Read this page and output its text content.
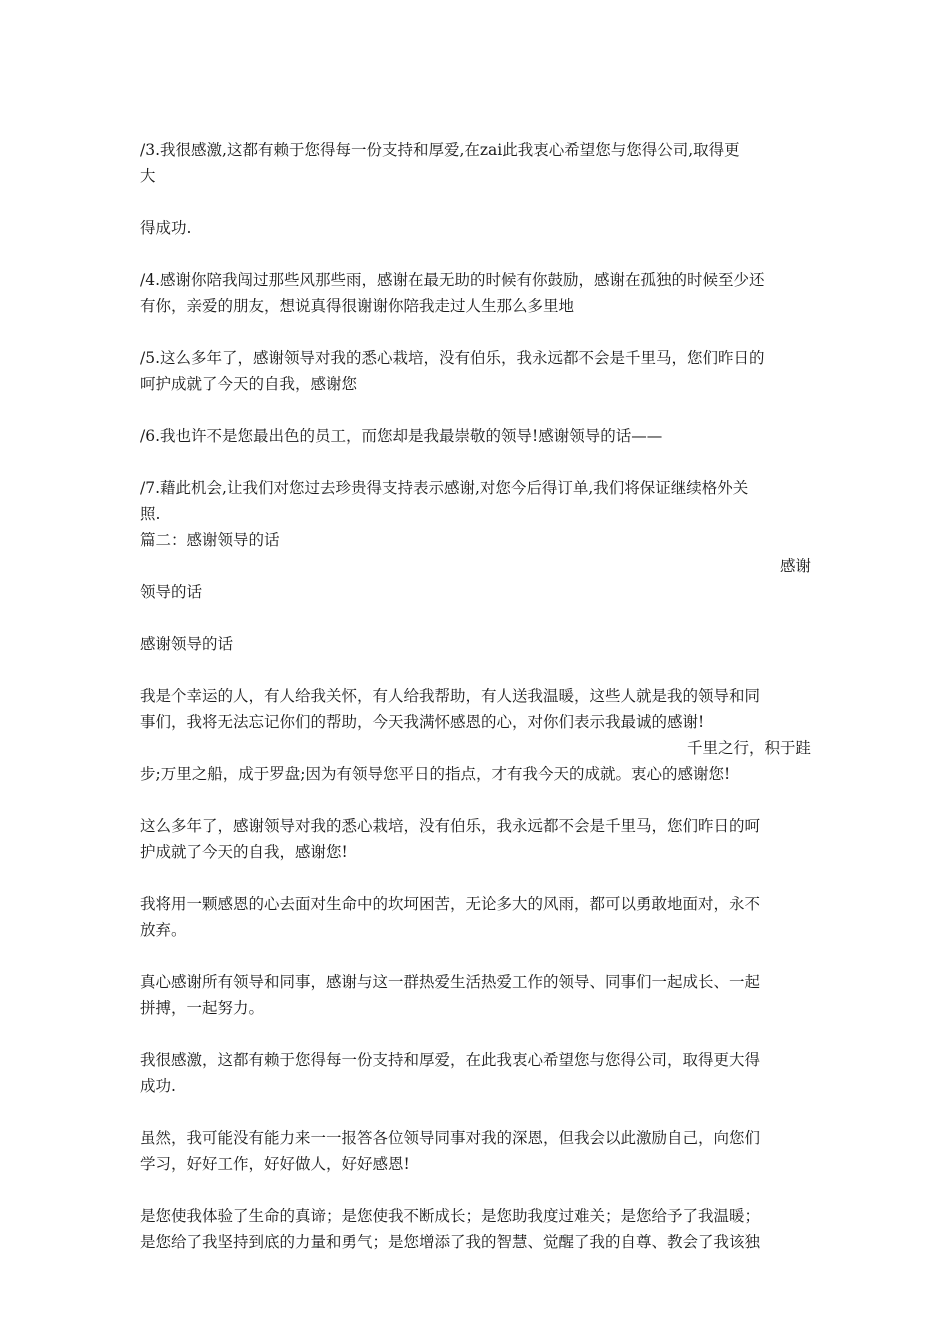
/3.我很感激,这都有赖于您得每一份支持和厚爱,在zai此我衷心希望您与您得公司,取得更

大

得成功.

/4.感谢你陪我闯过那些风那些雨，感谢在最无助的时候有你鼓励，感谢在孤独的时候至少还

有你，亲爱的朋友，想说真得很谢谢你陪我走过人生那么多里地

/5.这么多年了，感谢领导对我的悉心栽培，没有伯乐，我永远都不会是千里马，您们昨日的

呵护成就了今天的自我，感谢您

/6.我也许不是您最出色的员工，而您却是我最崇敬的领导!感谢领导的话——

/7.藉此机会,让我们对您过去珍贵得支持表示感谢,对您今后得订单,我们将保证继续格外关

照.

篇二：感谢领导的话

感谢

领导的话

感谢领导的话

我是个幸运的人，有人给我关怀，有人给我帮助，有人送我温暖，这些人就是我的领导和同

事们，我将无法忘记你们的帮助，今天我满怀感恩的心，对你们表示我最诚的感谢!

千里之行，积于跬

步;万里之船，成于罗盘;因为有领导您平日的指点，才有我今天的成就。衷心的感谢您!

这么多年了，感谢领导对我的悉心栽培，没有伯乐，我永远都不会是千里马，您们昨日的呵

护成就了今天的自我，感谢您!

我将用一颗感恩的心去面对生命中的坎坷困苦，无论多大的风雨，都可以勇敢地面对，永不

放弃。

真心感谢所有领导和同事，感谢与这一群热爱生活热爱工作的领导、同事们一起成长、一起

拼搏，一起努力。

我很感激，这都有赖于您得每一份支持和厚爱，在此我衷心希望您与您得公司，取得更大得

成功.

虽然，我可能没有能力来一一报答各位领导同事对我的深恩，但我会以此激励自己，向您们

学习，好好工作，好好做人，好好感恩!

是您使我体验了生命的真谛；是您使我不断成长；是您助我度过难关；是您给予了我温暖；

是您给了我坚持到底的力量和勇气；是您增添了我的智慧、觉醒了我的自尊、教会了我该独
